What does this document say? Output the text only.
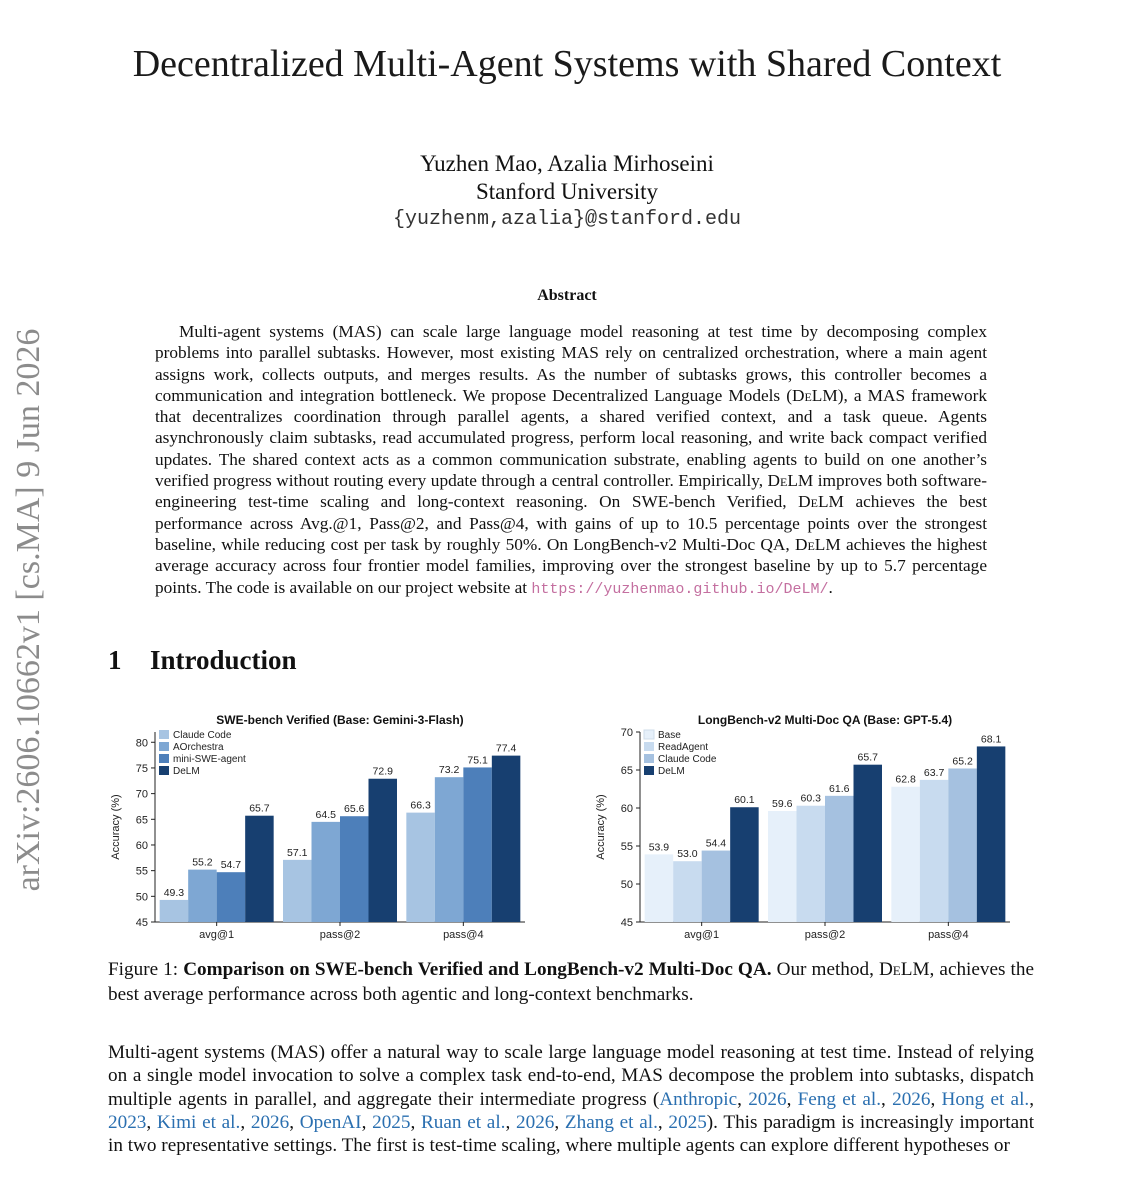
arXiv:2606.10662v1 [cs.MA] 9 Jun 2026
Decentralized Multi-Agent Systems with Shared Context
Yuzhen Mao, Azalia Mirhoseini
Stanford University
{yuzhenm,azalia}@stanford.edu
Abstract
Multi-agent systems (MAS) can scale large language model reasoning at test time by decomposing complex problems into parallel subtasks. However, most existing MAS rely on centralized orchestration, where a main agent assigns work, collects outputs, and merges results. As the number of subtasks grows, this controller becomes a communication and integration bottleneck. We propose Decentralized Language Models (DeLM), a MAS framework that decentralizes coordination through parallel agents, a shared verified context, and a task queue. Agents asynchronously claim subtasks, read accumulated progress, perform local reasoning, and write back compact verified updates. The shared context acts as a common communication substrate, enabling agents to build on one another’s verified progress without routing every update through a central controller. Empirically, DeLM improves both software-engineering test-time scaling and long-context reasoning. On SWE-bench Verified, DeLM achieves the best performance across Avg.@1, Pass@2, and Pass@4, with gains of up to 10.5 percentage points over the strongest baseline, while reducing cost per task by roughly 50%. On LongBench-v2 Multi-Doc QA, DeLM achieves the highest average accuracy across four frontier model families, improving over the strongest baseline by up to 5.7 percentage points. The code is available on our project website at https://yuzhenmao.github.io/DeLM/.
1 Introduction
SWE-bench Verified (Base: Gemini-3-Flash)
45
50
55
60
65
70
75
80
Accuracy (%)
49.3
55.2 54.7
65.7
avg@1
57.1
64.5 65.6
72.9
pass@2
66.3
73.2
75.1
77.4
pass@4
Claude Code
AOrchestra
mini-SWE-agent
DeLM
LongBench-v2 Multi-Doc QA (Base: GPT-5.4)
45
50
55
60
65
70
Accuracy (%)	53.9
53.0
54.4
60.1
avg@1
59.6 60.3
61.6
65.7
pass@2
62.8
63.7
65.2
68.1
pass@4
Base
ReadAgent
Claude Code
DeLM
Figure 1: Comparison on SWE-bench Verified and LongBench-v2 Multi-Doc QA. Our method, DeLM, achieves the best average performance across both agentic and long-context benchmarks.
Multi-agent systems (MAS) offer a natural way to scale large language model reasoning at test time. Instead of relying on a single model invocation to solve a complex task end-to-end, MAS decompose the problem into subtasks, dispatch multiple agents in parallel, and aggregate their intermediate progress (Anthropic, 2026, Feng et al., 2026, Hong et al., 2023, Kimi et al., 2026, OpenAI, 2025, Ruan et al., 2026, Zhang et al., 2025). This paradigm is increasingly important in two representative settings. The first is test-time scaling, where multiple agents can explore different hypotheses or
